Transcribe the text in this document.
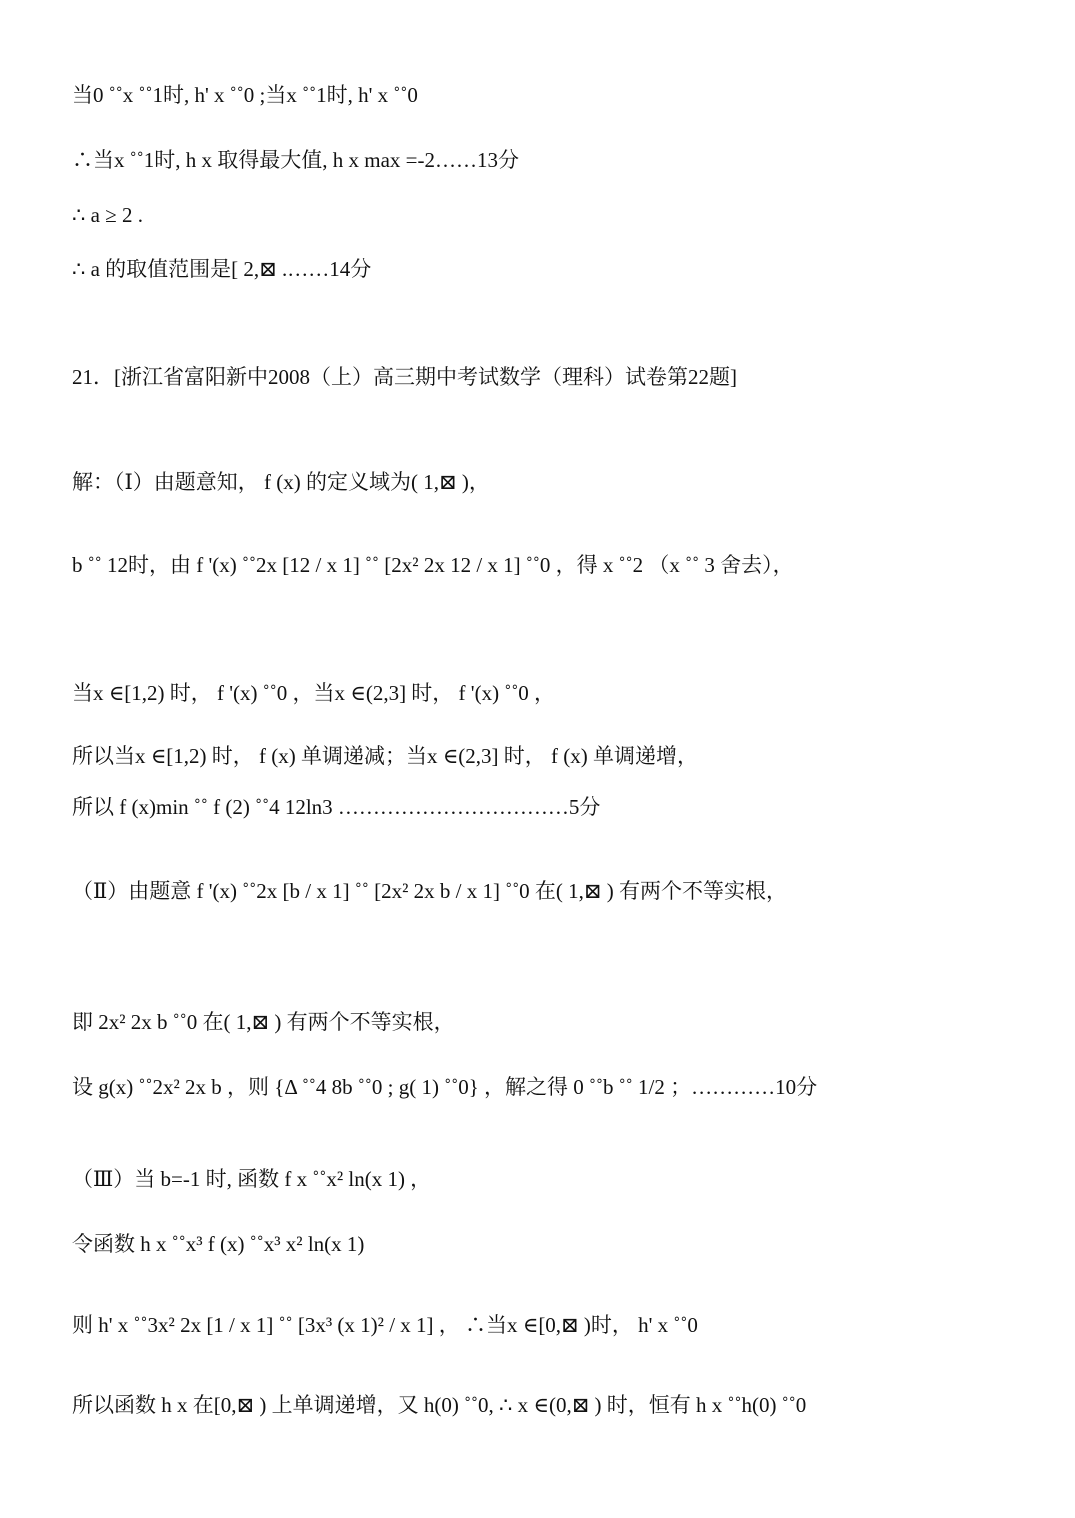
当0 ˚˚x ˚˚1时, h' x ˚˚0 ;当x ˚˚1时, h' x ˚˚0
∴当x ˚˚1时, h x 取得最大值, h x max =-2……13分
∴ a ≥ 2 .
∴ a 的取值范围是[ 2,⊠ .……14分
21．[浙江省富阳新中2008（上）高三期中考试数学（理科）试卷第22题]
解：（Ⅰ）由题意知， f (x) 的定义域为( 1,⊠ )，
b ˚˚ 12时，由 f '(x) ˚˚2x [12 / x 1] ˚˚ [2x² 2x 12 / x 1] ˚˚0 ，得 x ˚˚2 （x ˚˚ 3 舍去），
当x ∈[1,2) 时， f '(x) ˚˚0 ，当x ∈(2,3] 时， f '(x) ˚˚0 ，
所以当x ∈[1,2) 时， f (x) 单调递减；当x ∈(2,3] 时， f (x) 单调递增，
所以 f (x)min ˚˚ f (2) ˚˚4 12ln3 ……………………………5分
（Ⅱ）由题意 f '(x) ˚˚2x [b / x 1] ˚˚ [2x² 2x b / x 1] ˚˚0 在( 1,⊠ ) 有两个不等实根，
即 2x² 2x b ˚˚0 在( 1,⊠ ) 有两个不等实根，
设 g(x) ˚˚2x² 2x b ，则 {Δ ˚˚4 8b ˚˚0 ; g( 1) ˚˚0} ，解之得 0 ˚˚b ˚˚ 1/2 ；…………10分
（Ⅲ）当 b=-1 时, 函数 f x ˚˚x² ln(x 1) ，
令函数 h x ˚˚x³ f (x) ˚˚x³ x² ln(x 1)
则 h' x ˚˚3x² 2x [1 / x 1] ˚˚ [3x³ (x 1)² / x 1] ， ∴当x ∈[0,⊠ )时， h' x ˚˚0
所以函数 h x 在[0,⊠ ) 上单调递增，又 h(0) ˚˚0, ∴ x ∈(0,⊠ ) 时，恒有 h x ˚˚h(0) ˚˚0
